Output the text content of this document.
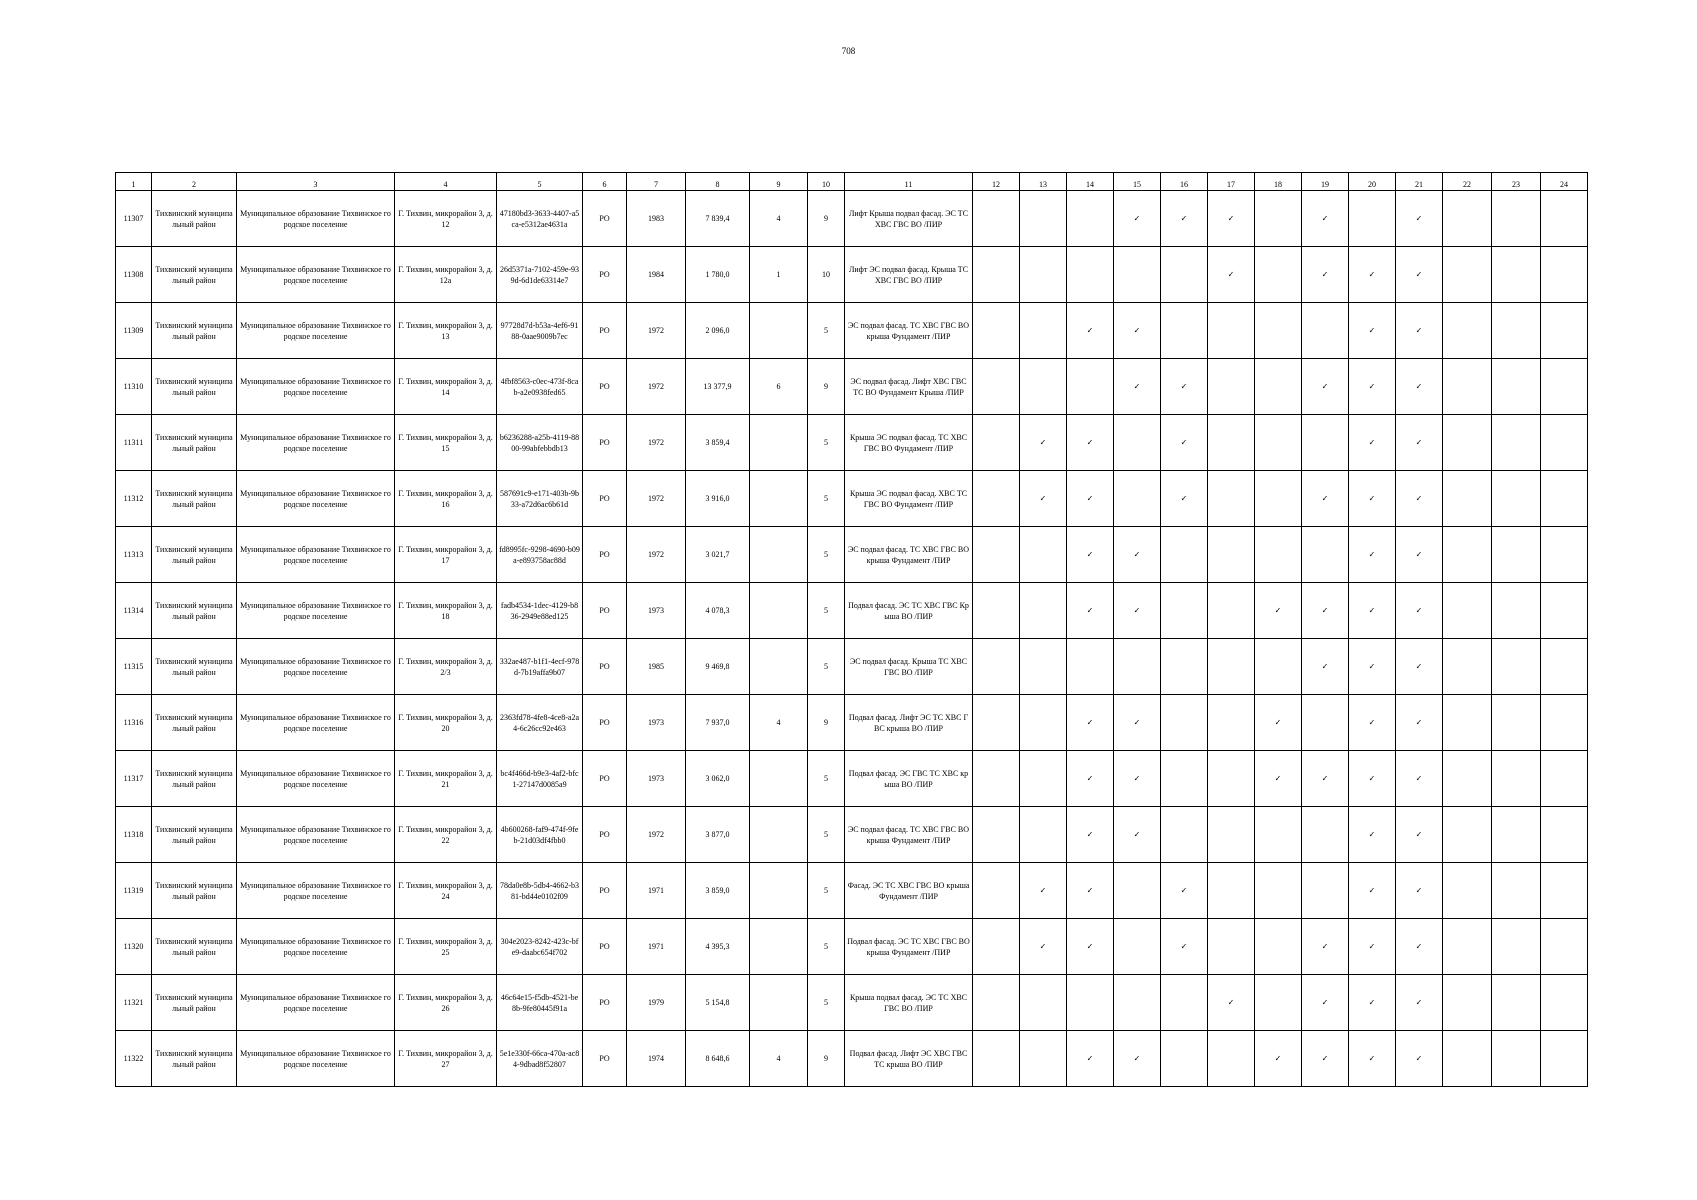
708
1	2	3	4	5	6	7	8	9	10	11	12	13	14	15	16	17	18	19	20	21	22	23	24
11307	Тихвинский муниципальный район	Муниципальное образование Тихвинское городское поселение	Г. Тихвин, микрорайон 3, д. 12	47180bd3-3633-4407-a5ca-e5312ae4631a	РО	1983	7 839,4	4	9	Лифт Крыша подвал фасад. ЭС ТС ХВС ГВС ВО /ПИР				✓	✓	✓		✓		✓			
11308	Тихвинский муниципальный район	Муниципальное образование Тихвинское городское поселение	Г. Тихвин, микрорайон 3, д. 12а	26d5371a-7102-459e-939d-6d1de63314e7	РО	1984	1 780,0	1	10	Лифт ЭС подвал фасад. Крыша ТС ХВС ГВС ВО /ПИР						✓		✓	✓	✓			
11309	Тихвинский муниципальный район	Муниципальное образование Тихвинское городское поселение	Г. Тихвин, микрорайон 3, д. 13	97728d7d-b53a-4ef6-9188-0aae9009b7ec	РО	1972	2 096,0		5	ЭС подвал фасад. ТС ХВС ГВС ВО крыша Фундамент /ПИР			✓	✓					✓	✓			
11310	Тихвинский муниципальный район	Муниципальное образование Тихвинское городское поселение	Г. Тихвин, микрорайон 3, д. 14	4fbf8563-c0ec-473f-8cab-a2e0938fed65	РО	1972	13 377,9	6	9	ЭС подвал фасад. Лифт ХВС ГВС ТС ВО Фундамент Крыша /ПИР				✓	✓			✓	✓	✓			
11311	Тихвинский муниципальный район	Муниципальное образование Тихвинское городское поселение	Г. Тихвин, микрорайон 3, д. 15	b6236288-a25b-4119-8800-99abfebbdb13	РО	1972	3 859,4		5	Крыша ЭС подвал фасад. ТС ХВС ГВС ВО Фундамент /ПИР		✓	✓		✓				✓	✓			
11312	Тихвинский муниципальный район	Муниципальное образование Тихвинское городское поселение	Г. Тихвин, микрорайон 3, д. 16	587691c9-e171-403b-9b33-a72d6ac6b61d	РО	1972	3 916,0		5	Крыша ЭС подвал фасад. ХВС ТС ГВС ВО Фундамент /ПИР		✓	✓		✓			✓	✓	✓			
11313	Тихвинский муниципальный район	Муниципальное образование Тихвинское городское поселение	Г. Тихвин, микрорайон 3, д. 17	fd8995fc-9298-4690-b09a-e893758ac88d	РО	1972	3 021,7		5	ЭС подвал фасад. ТС ХВС ГВС ВО крыша Фундамент /ПИР			✓	✓					✓	✓			
11314	Тихвинский муниципальный район	Муниципальное образование Тихвинское городское поселение	Г. Тихвин, микрорайон 3, д. 18	fadb4534-1dec-4129-b836-2949e88ed125	РО	1973	4 078,3		5	Подвал фасад. ЭС ТС ХВС ГВС Крыша ВО /ПИР			✓	✓			✓	✓	✓	✓			
11315	Тихвинский муниципальный район	Муниципальное образование Тихвинское городское поселение	Г. Тихвин, микрорайон 3, д. 2/3	332ae487-b1f1-4ecf-978d-7b19affa9b07	РО	1985	9 469,8		5	ЭС подвал фасад. Крыша ТС ХВС ГВС ВО /ПИР								✓	✓	✓			
11316	Тихвинский муниципальный район	Муниципальное образование Тихвинское городское поселение	Г. Тихвин, микрорайон 3, д. 20	2363fd78-4fe8-4ce8-a2a4-6c26cc92e463	РО	1973	7 937,0	4	9	Подвал фасад. Лифт ЭС ТС ХВС ГВС крыша ВО /ПИР			✓	✓			✓		✓	✓			
11317	Тихвинский муниципальный район	Муниципальное образование Тихвинское городское поселение	Г. Тихвин, микрорайон 3, д. 21	bc4f466d-b9e3-4af2-bfc1-27147d0085a9	РО	1973	3 062,0		5	Подвал фасад. ЭС ГВС ТС ХВС крыша ВО /ПИР			✓	✓			✓	✓	✓	✓			
11318	Тихвинский муниципальный район	Муниципальное образование Тихвинское городское поселение	Г. Тихвин, микрорайон 3, д. 22	4b600268-faf9-474f-9feb-21d03df4fbb0	РО	1972	3 877,0		5	ЭС подвал фасад. ТС ХВС ГВС ВО крыша Фундамент /ПИР			✓	✓					✓	✓			
11319	Тихвинский муниципальный район	Муниципальное образование Тихвинское городское поселение	Г. Тихвин, микрорайон 3, д. 24	78da0e8b-5db4-4662-b381-bd44e0102f09	РО	1971	3 859,0		5	Фасад. ЭС ТС ХВС ГВС ВО крыша Фундамент /ПИР		✓	✓		✓				✓	✓			
11320	Тихвинский муниципальный район	Муниципальное образование Тихвинское городское поселение	Г. Тихвин, микрорайон 3, д. 25	304e2023-8242-423c-bfe9-daabc654f702	РО	1971	4 395,3		5	Подвал фасад. ЭС ТС ХВС ГВС ВО крыша Фундамент /ПИР		✓	✓		✓			✓	✓	✓			
11321	Тихвинский муниципальный район	Муниципальное образование Тихвинское городское поселение	Г. Тихвин, микрорайон 3, д. 26	46c64e15-f5db-4521-be8b-9fe80445f91a	РО	1979	5 154,8		5	Крыша подвал фасад. ЭС ТС ХВС ГВС ВО /ПИР						✓		✓	✓	✓			
11322	Тихвинский муниципальный район	Муниципальное образование Тихвинское городское поселение	Г. Тихвин, микрорайон 3, д. 27	5e1e330f-66ca-470a-ac84-9dbad8f52807	РО	1974	8 648,6	4	9	Подвал фасад. Лифт ЭС ХВС ГВС ТС крыша ВО /ПИР			✓	✓			✓	✓	✓	✓			
